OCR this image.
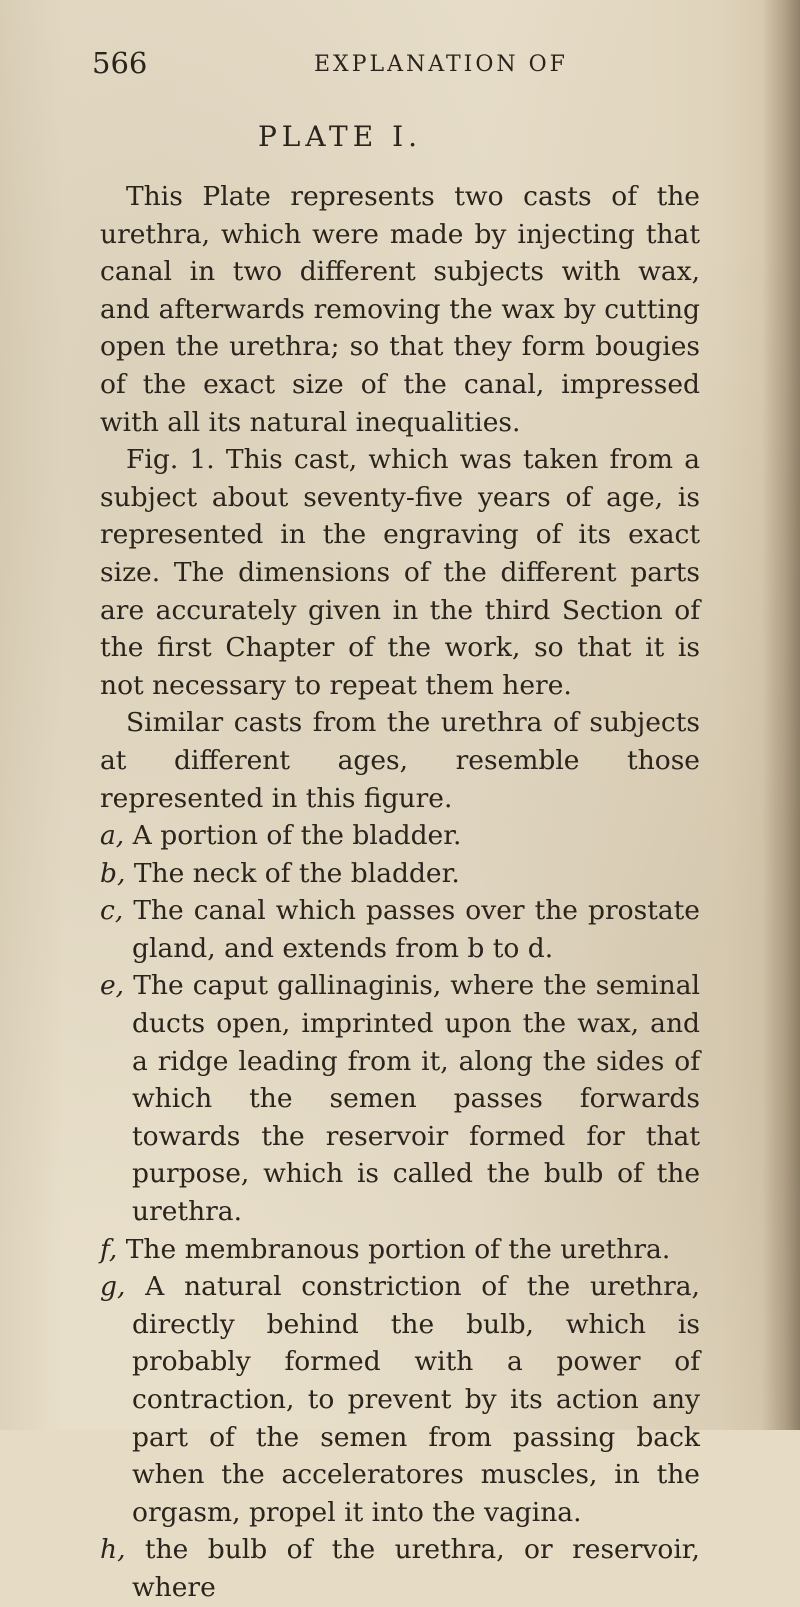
566	EXPLANATION OF
PLATE I.

This Plate represents two casts of the urethra, which were made by injecting that canal in two different subjects with wax, and afterwards removing the wax by cutting open the urethra; so that they form bougies of the exact size of the canal, impressed with all its natural inequalities.

Fig. 1. This cast, which was taken from a subject about seventy-five years of age, is represented in the engraving of its exact size. The dimensions of the different parts are accurately given in the third Section of the first Chapter of the work, so that it is not necessary to repeat them here.

Similar casts from the urethra of subjects at different ages, resemble those represented in this figure.

a, A portion of the bladder.

b, The neck of the bladder.

c, The canal which passes over the prostate gland, and extends from b to d.

e, The caput gallinaginis, where the seminal ducts open, imprinted upon the wax, and a ridge leading from it, along the sides of which the semen passes forwards towards the reservoir formed for that purpose, which is called the bulb of the urethra.

f, The membranous portion of the urethra.

g, A natural constriction of the urethra, directly behind the bulb, which is probably formed with a power of contraction, to prevent by its action any part of the semen from passing back when the acceleratores muscles, in the orgasm, propel it into the vagina.

h, the bulb of the urethra, or reservoir, where
